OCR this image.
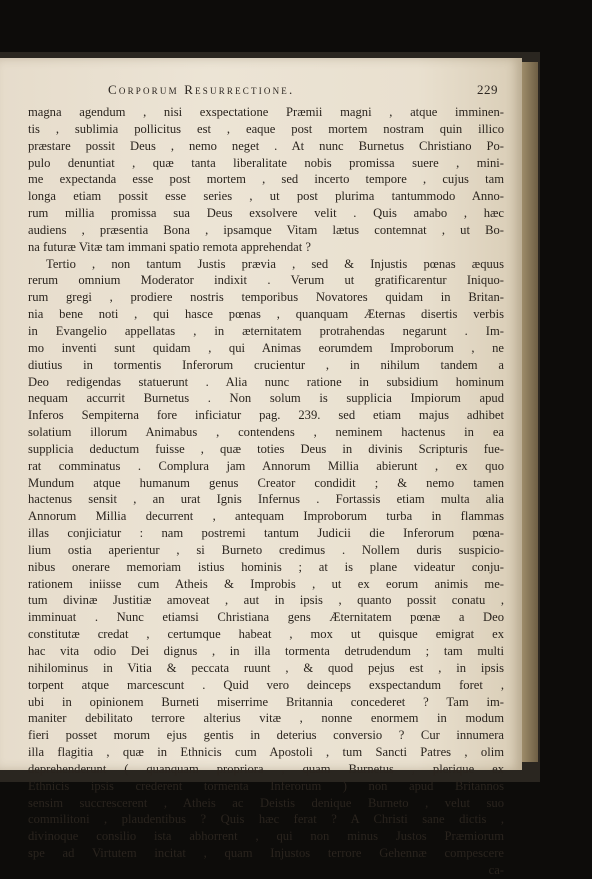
Corporum Resurrectione.	229
magna agendum , nisi exspectatione Præmii magni , atque imminen-
tis , sublimia pollicitus est , eaque post mortem nostram quin illico
præstare possit Deus , nemo neget . At nunc Burnetus Christiano Po-
pulo denuntiat , quæ tanta liberalitate nobis promissa suere , mini-
me expectanda esse post mortem , sed incerto tempore , cujus tam
longa etiam possit esse series , ut post plurima tantummodo Anno-
rum millia promissa sua Deus exsolvere velit . Quis amabo , hæc
audiens , præsentia Bona , ipsamque Vitam lætus contemnat , ut Bo-
na futuræ Vitæ tam immani spatio remota apprehendat ?
Tertio , non tantum Justis prævia , sed & Injustis pœnas æquus
rerum omnium Moderator indixit . Verum ut gratificarentur Iniquo-
rum gregi , prodiere nostris temporibus Novatores quidam in Britan-
nia bene noti , qui hasce pœnas , quanquam Æternas disertis verbis
in Evangelio appellatas , in æternitatem protrahendas negarunt . Im-
mo inventi sunt quidam , qui Animas eorumdem Improborum , ne
diutius in tormentis Inferorum crucientur , in nihilum tandem a
Deo redigendas statuerunt . Alia nunc ratione in subsidium hominum
nequam accurrit Burnetus . Non solum is supplicia Impiorum apud
Inferos Sempiterna fore inficiatur pag. 239. sed etiam majus adhibet
solatium illorum Animabus , contendens , neminem hactenus in ea
supplicia deductum fuisse , quæ toties Deus in divinis Scripturis fue-
rat comminatus . Complura jam Annorum Millia abierunt , ex quo
Mundum atque humanum genus Creator condidit ; & nemo tamen
hactenus sensit , an urat Ignis Infernus . Fortassis etiam multa alia
Annorum Millia decurrent , antequam Improborum turba in flammas
illas conjiciatur : nam postremi tantum Judicii die Inferorum pœna-
lium ostia aperientur , si Burneto credimus . Nollem duris suspicio-
nibus onerare memoriam istius hominis ; at is plane videatur conju-
rationem iniisse cum Atheis & Improbis , ut ex eorum animis me-
tum divinæ Justitiæ amoveat , aut in ipsis , quanto possit conatu ,
imminuat . Nunc etiamsi Christiana gens Æternitatem pœnæ a Deo
constitutæ credat , certumque habeat , mox ut quisque emigrat ex
hac vita odio Dei dignus , in illa tormenta detrudendum ; tam multi
nihilominus in Vitia & peccata ruunt , & quod pejus est , in ipsis
torpent atque marcescunt . Quid vero deinceps exspectandum foret ,
ubi in opinionem Burneti miserrime Britannia concederet ? Tam im-
maniter debilitato terrore alterius vitæ , nonne enormem in modum
fieri posset morum ejus gentis in deterius conversio ? Cur innumera
illa flagitia , quæ in Ethnicis cum Apostoli , tum Sancti Patres , olim
deprehenderunt ( quanquam propriora , quam Burnetus , plerique ex
Ethnicis ipsis crederent tormenta Inferorum ) non apud Britannos
sensim succrescerent , Atheis ac Deistis denique Burneto , velut suo
commilitoni , plaudentibus ? Quis hæc ferat ? A Christi sane dictis ,
divinoque consilio ista abhorrent , qui non minus Justos Præmiorum
spe ad Virtutem incitat , quam Injustos terrore Gehennæ compescere
ca-
